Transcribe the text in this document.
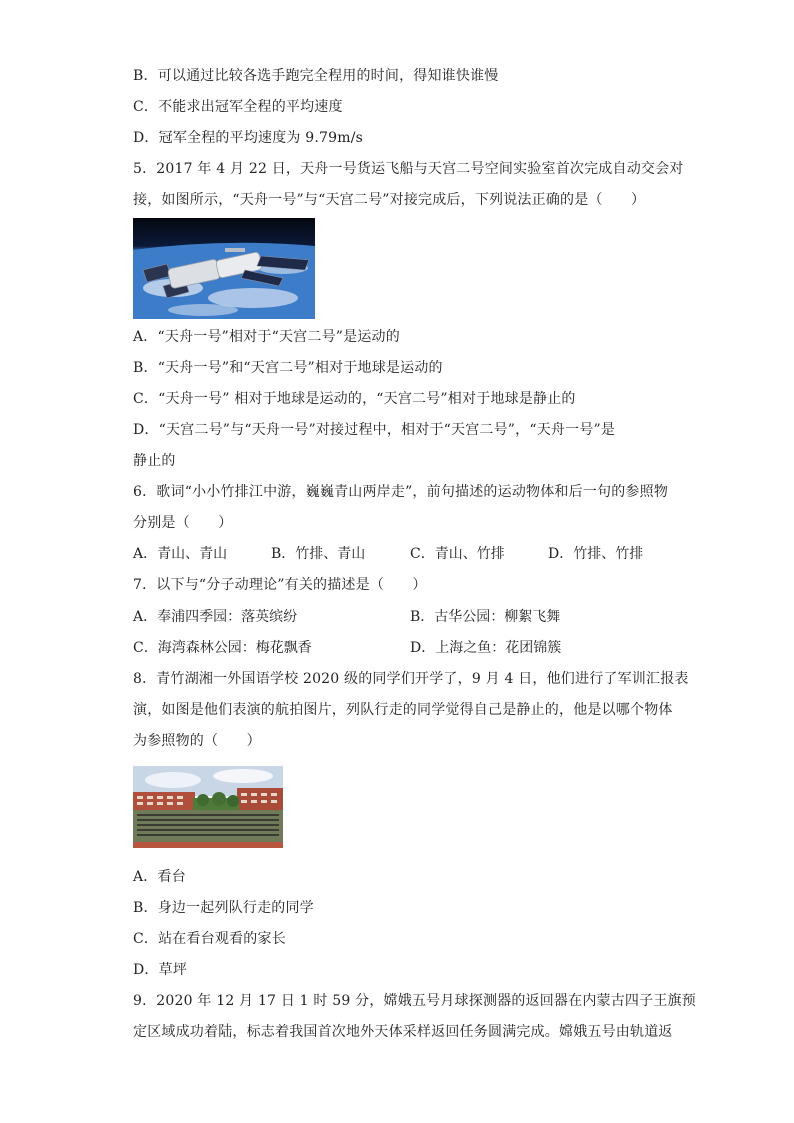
B．可以通过比较各选手跑完全程用的时间，得知谁快谁慢
C．不能求出冠军全程的平均速度
D．冠军全程的平均速度为 9.79m/s
5．2017 年 4 月 22 日，天舟一号货运飞船与天宫二号空间实验室首次完成自动交会对
接，如图所示，“天舟一号”与“天宫二号”对接完成后，下列说法正确的是（　　）
A．“天舟一号”相对于“天宫二号”是运动的
B．“天舟一号”和“天宫二号”相对于地球是运动的
C．“天舟一号” 相对于地球是运动的，“天宫二号”相对于地球是静止的
D．“天宫二号”与“天舟一号”对接过程中，相对于“天宫二号”，“天舟一号”是
静止的
6．歌词“小小竹排江中游，巍巍青山两岸走”，前句描述的运动物体和后一句的参照物
分别是（　　）
A．青山、青山	B．竹排、青山	C．青山、竹排	D．竹排、竹排
7．以下与“分子动理论”有关的描述是（　　）
A．奉浦四季园：落英缤纷	B．古华公园：柳絮飞舞
C．海湾森林公园：梅花飘香	D．上海之鱼：花团锦簇
8．青竹湖湘一外国语学校 2020 级的同学们开学了，9 月 4 日，他们进行了军训汇报表
演，如图是他们表演的航拍图片，列队行走的同学觉得自己是静止的，他是以哪个物体
为参照物的（　　）
A．看台
B．身边一起列队行走的同学
C．站在看台观看的家长
D．草坪
9．2020 年 12 月 17 日 1 时 59 分，嫦娥五号月球探测器的返回器在内蒙古四子王旗预
定区域成功着陆，标志着我国首次地外天体采样返回任务圆满完成。嫦娥五号由轨道返
